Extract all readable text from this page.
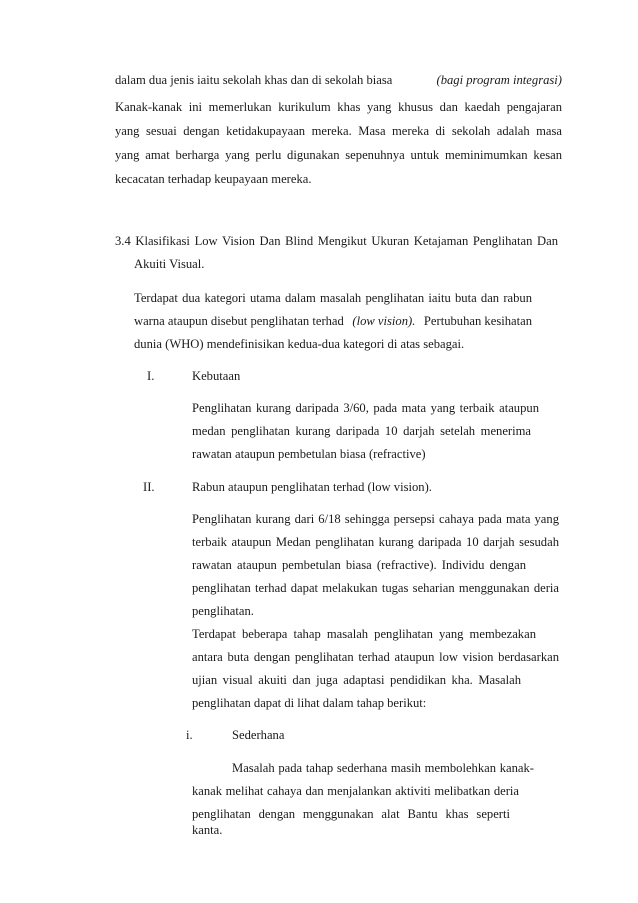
dalam dua jenis iaitu sekolah khas dan di sekolah biasa	(bagi program integrasi)
Kanak-kanak ini memerlukan kurikulum khas yang khusus dan kaedah pengajaran
yang sesuai dengan ketidakupayaan mereka. Masa mereka di sekolah adalah masa
yang amat berharga yang perlu digunakan sepenuhnya untuk meminimumkan kesan
kecacatan terhadap keupayaan mereka.
3.4 Klasifikasi Low Vision Dan Blind Mengikut Ukuran Ketajaman Penglihatan Dan
Akuiti Visual.
Terdapat dua kategori utama dalam masalah penglihatan iaitu buta dan rabun
warna ataupun disebut penglihatan terhad (low vision). Pertubuhan kesihatan
dunia (WHO) mendefinisikan kedua-dua kategori di atas sebagai.
I.	Kebutaan
Penglihatan kurang daripada 3/60, pada mata yang terbaik ataupun
medan penglihatan kurang daripada 10 darjah setelah menerima
rawatan ataupun pembetulan biasa (refractive)
II.	Rabun ataupun penglihatan terhad (low vision).
Penglihatan kurang dari 6/18 sehingga persepsi cahaya pada mata yang
terbaik ataupun Medan penglihatan kurang daripada 10 darjah sesudah
rawatan ataupun pembetulan biasa (refractive). Individu dengan
penglihatan terhad dapat melakukan tugas seharian menggunakan deria
penglihatan.
Terdapat beberapa tahap masalah penglihatan yang membezakan
antara buta dengan penglihatan terhad ataupun low vision berdasarkan
ujian visual akuiti dan juga adaptasi pendidikan kha. Masalah
penglihatan dapat di lihat dalam tahap berikut:
i.	Sederhana
Masalah pada tahap sederhana masih membolehkan kanak-
kanak melihat cahaya dan menjalankan aktiviti melibatkan deria
penglihatan dengan menggunakan alat Bantu khas seperti kanta.
